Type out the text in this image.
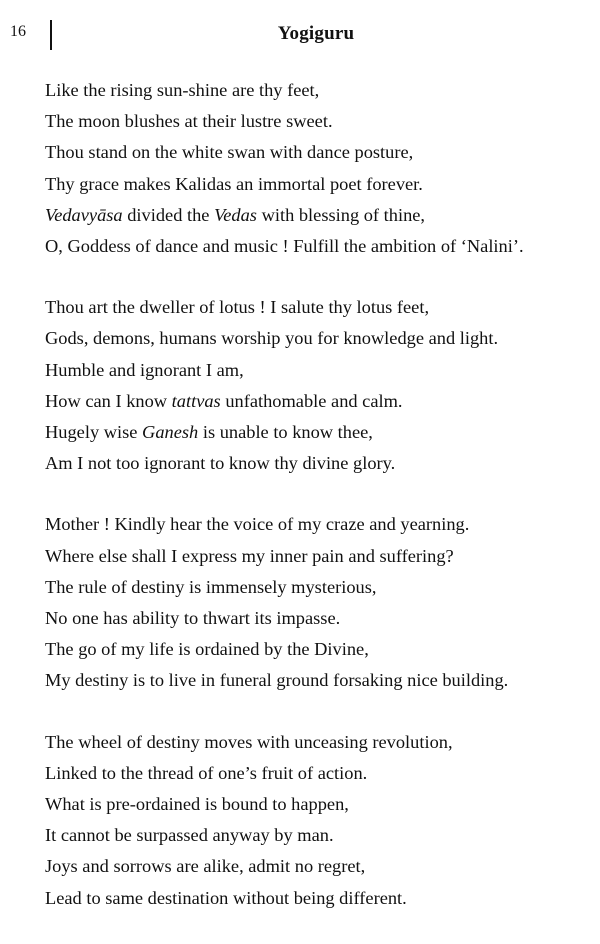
16	Yogiguru
Like the rising sun-shine are thy feet,
The moon blushes at their lustre sweet.
Thou stand on the white swan with dance posture,
Thy grace makes Kalidas an immortal poet forever.
Vedavyāsa divided the Vedas with blessing of thine,
O, Goddess of dance and music ! Fulfill the ambition of ‘Nalini’.
Thou art the dweller of lotus ! I salute thy lotus feet,
Gods, demons, humans worship you for knowledge and light.
Humble and ignorant I am,
How can I know tattvas unfathomable and calm.
Hugely wise Ganesh is unable to know thee,
Am I not too ignorant to know thy divine glory.
Mother ! Kindly hear the voice of my craze and yearning.
Where else shall I express my inner pain and suffering?
The rule of destiny is immensely mysterious,
No one has ability to thwart its impasse.
The go of my life is ordained by the Divine,
My destiny is to live in funeral ground forsaking nice building.
The wheel of destiny moves with unceasing revolution,
Linked to the thread of one’s fruit of action.
What is pre-ordained is bound to happen,
It cannot be surpassed anyway by man.
Joys and sorrows are alike, admit no regret,
Lead to same destination without being different.
